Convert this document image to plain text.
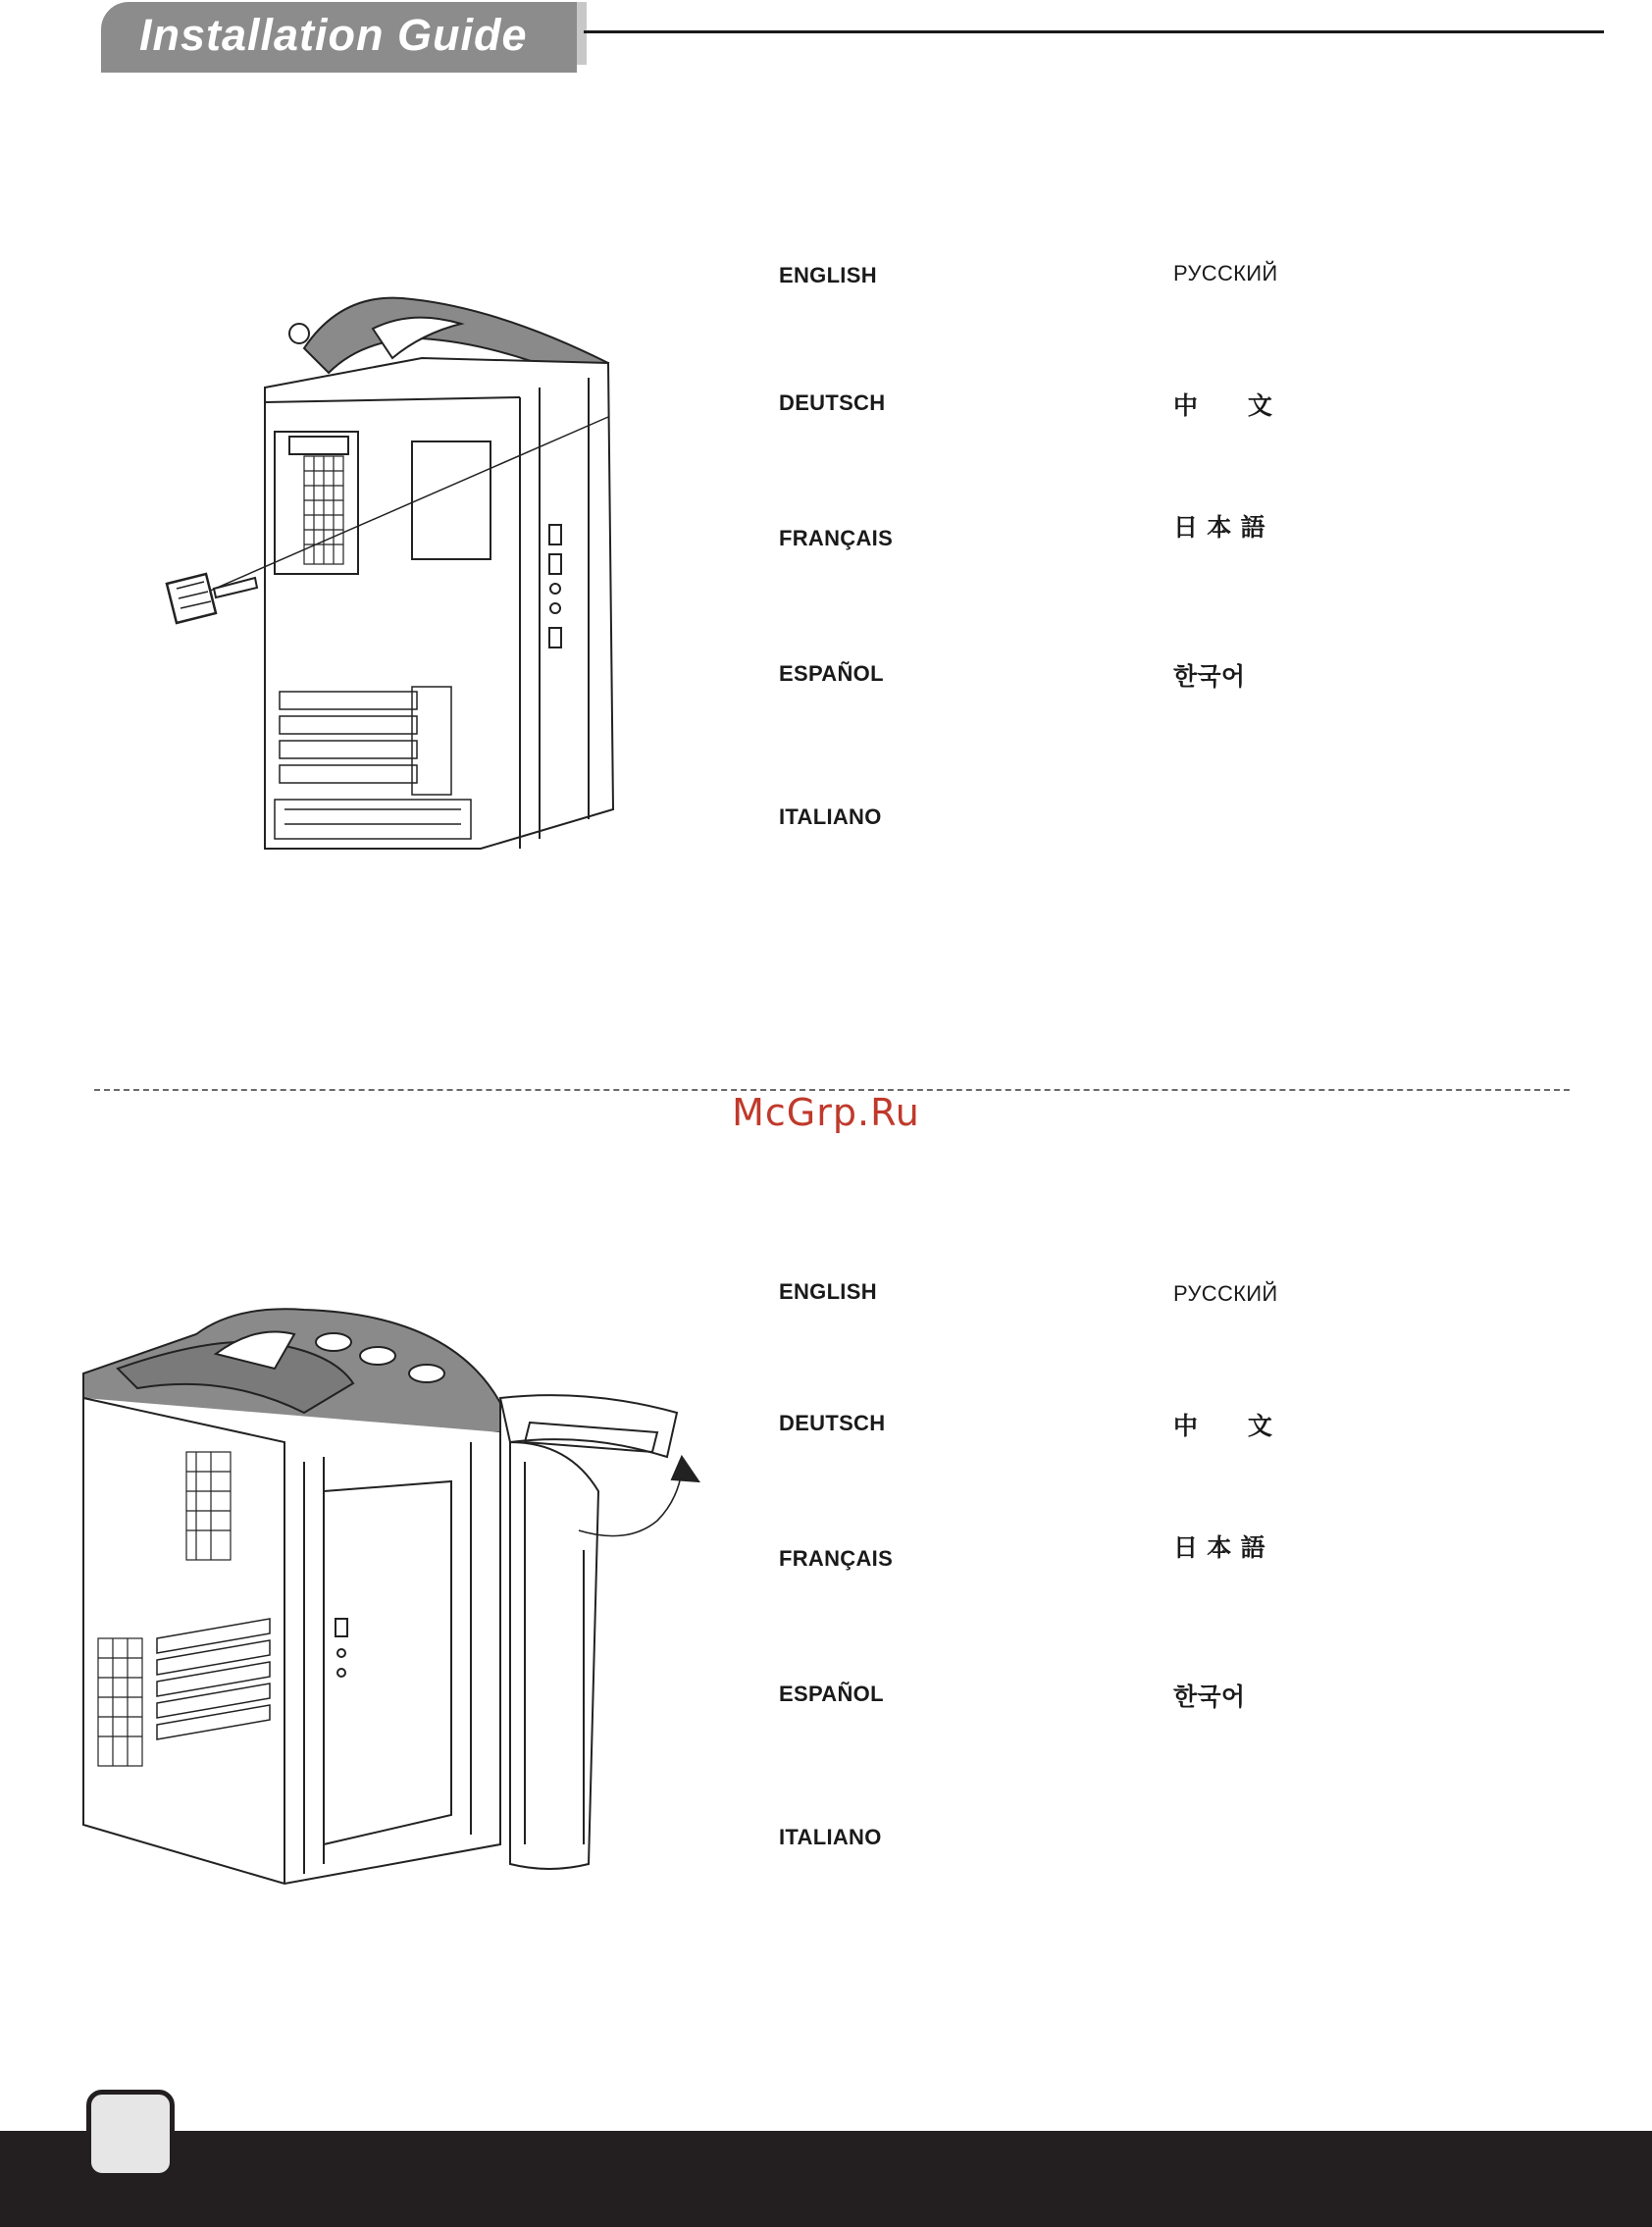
Installation Guide
ENGLISH
DEUTSCH
FRANÇAIS
ESPAÑOL
ITALIANO
РУССКИЙ
中　　文
日 本 語
한국어
McGrp.Ru
ENGLISH
DEUTSCH
FRANÇAIS
ESPAÑOL
ITALIANO
РУССКИЙ
中　　文
日 本 語
한국어
